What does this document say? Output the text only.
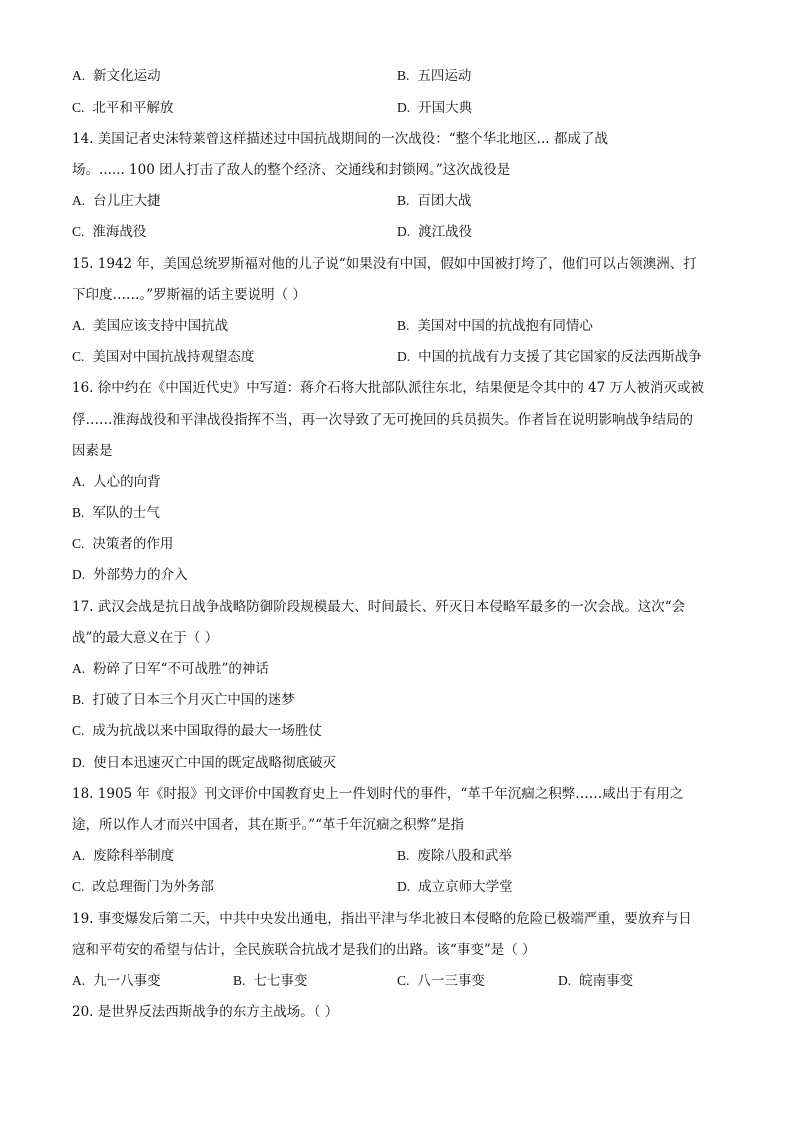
A. 新文化运动	B. 五四运动
C. 北平和平解放	D. 开国大典
14. 美国记者史沫特莱曾这样描述过中国抗战期间的一次战役：“整个华北地区... 都成了战
场。...... 100 团人打击了敌人的整个经济、交通线和封锁网。”这次战役是
A. 台儿庄大捷	B. 百团大战
C. 淮海战役	D. 渡江战役
15. 1942 年，美国总统罗斯福对他的儿子说“如果没有中国，假如中国被打垮了，他们可以占领澳洲、打
下印度……。”罗斯福的话主要说明（ ）
A. 美国应该支持中国抗战	B. 美国对中国的抗战抱有同情心
C. 美国对中国抗战持观望态度	D. 中国的抗战有力支援了其它国家的反法西斯战争
16. 徐中约在《中国近代史》中写道：蒋介石将大批部队派往东北，结果便是令其中的 47 万人被消灭或被
俘……淮海战役和平津战役指挥不当，再一次导致了无可挽回的兵员损失。作者旨在说明影响战争结局的
因素是
A. 人心的向背
B. 军队的士气
C. 决策者的作用
D. 外部势力的介入
17. 武汉会战是抗日战争战略防御阶段规模最大、时间最长、歼灭日本侵略军最多的一次会战。这次“会
战”的最大意义在于（ ）
A. 粉碎了日军“不可战胜”的神话
B. 打破了日本三个月灭亡中国的迷梦
C. 成为抗战以来中国取得的最大一场胜仗
D. 使日本迅速灭亡中国的既定战略彻底破灭
18. 1905 年《时报》刊文评价中国教育史上一件划时代的事件，“革千年沉痼之积弊……咸出于有用之
途，所以作人才而兴中国者，其在斯乎。”“革千年沉痼之积弊”是指
A. 废除科举制度	B. 废除八股和武举
C. 改总理衙门为外务部	D. 成立京师大学堂
19. 事变爆发后第二天，中共中央发出通电，指出平津与华北被日本侵略的危险已极端严重，要放弃与日
寇和平苟安的希望与估计，全民族联合抗战才是我们的出路。该“事变”是（ ）
A. 九一八事变	B. 七七事变	C. 八一三事变	D. 皖南事变
20. 是世界反法西斯战争的东方主战场。（ ）
